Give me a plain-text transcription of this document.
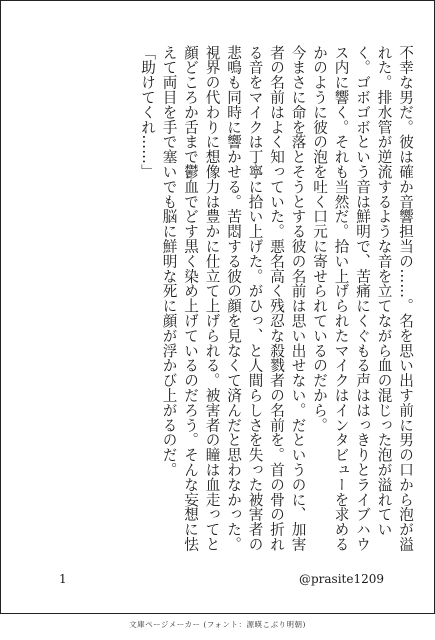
不幸な男だ。彼は確か音響担当の……。名を思い出す前に男の口から泡が溢れた。排水管が逆流するような音を立てながら血の混じった泡が溢れていく。ゴボゴボという音は鮮明で、苦痛にくぐもる声ははっきりとライブハウス内に響く。それも当然だ。拾い上げられたマイクはインタビューを求めるかのように彼の泡を吐く口元に寄せられているのだから。

今まさに命を落とそうとする彼の名前は思い出せない。だというのに、加害者の名前はよく知っていた。悪名高く残忍な殺戮者の名前を。首の骨の折れる音をマイクは丁寧に拾い上げた。がひっ、と人間らしさを失った被害者の悲鳴も同時に響かせる。苦悶する彼の顔を見なくて済んだと思わなかった。視界の代わりに想像力は豊かに仕立て上げられる。被害者の瞳は血走ってと顔どころか舌まで鬱血でどす黒く染め上げているのだろう。そんな妄想に怯えて両目を手で塞いでも脳に鮮明な死に顔が浮かび上がるのだ。

「助けてくれ……」

1	@prasite1209
文庫ページメーカー (フォント：源暎こぶり明朝)
